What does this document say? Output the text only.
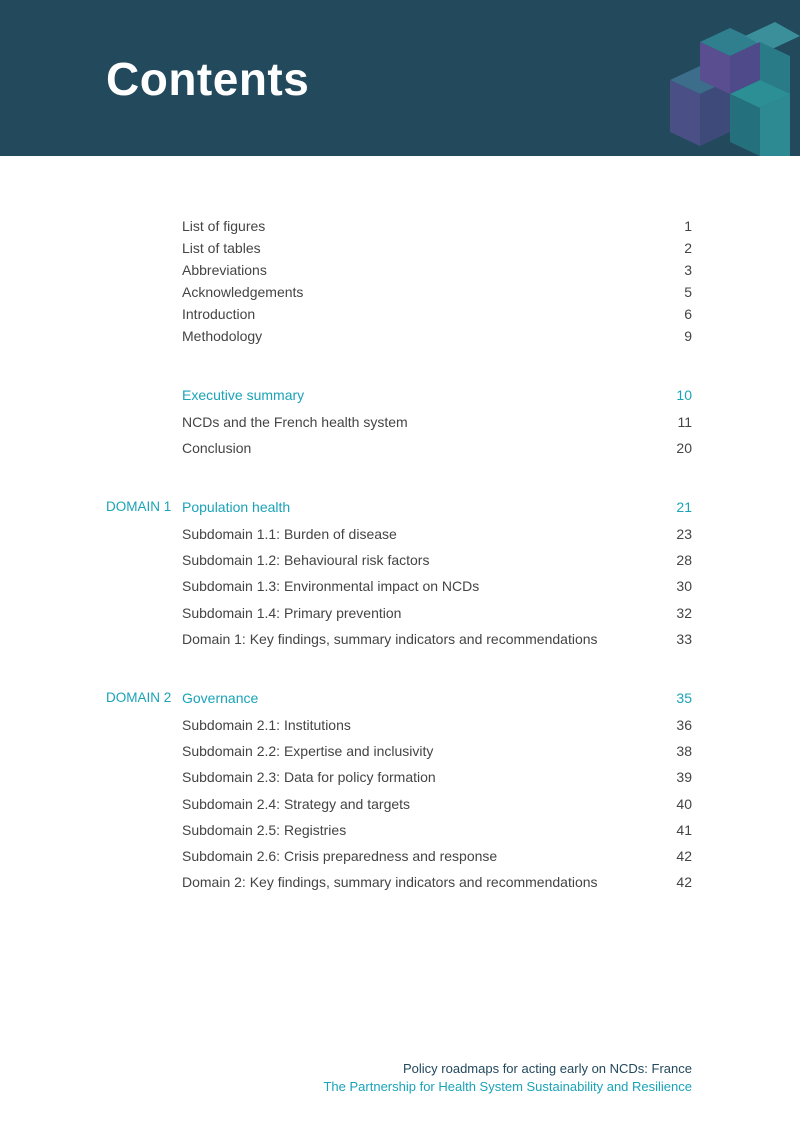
Contents
List of figures	1
List of tables	2
Abbreviations	3
Acknowledgements	5
Introduction	6
Methodology	9
Executive summary	10
NCDs and the French health system	11
Conclusion	20
DOMAIN 1 Population health	21
Subdomain 1.1: Burden of disease	23
Subdomain 1.2: Behavioural risk factors	28
Subdomain 1.3: Environmental impact on NCDs	30
Subdomain 1.4: Primary prevention	32
Domain 1: Key findings, summary indicators and recommendations	33
DOMAIN 2 Governance	35
Subdomain 2.1: Institutions	36
Subdomain 2.2: Expertise and inclusivity	38
Subdomain 2.3: Data for policy formation	39
Subdomain 2.4: Strategy and targets	40
Subdomain 2.5: Registries	41
Subdomain 2.6: Crisis preparedness and response	42
Domain 2: Key findings, summary indicators and recommendations	42
Policy roadmaps for acting early on NCDs: France
The Partnership for Health System Sustainability and Resilience
